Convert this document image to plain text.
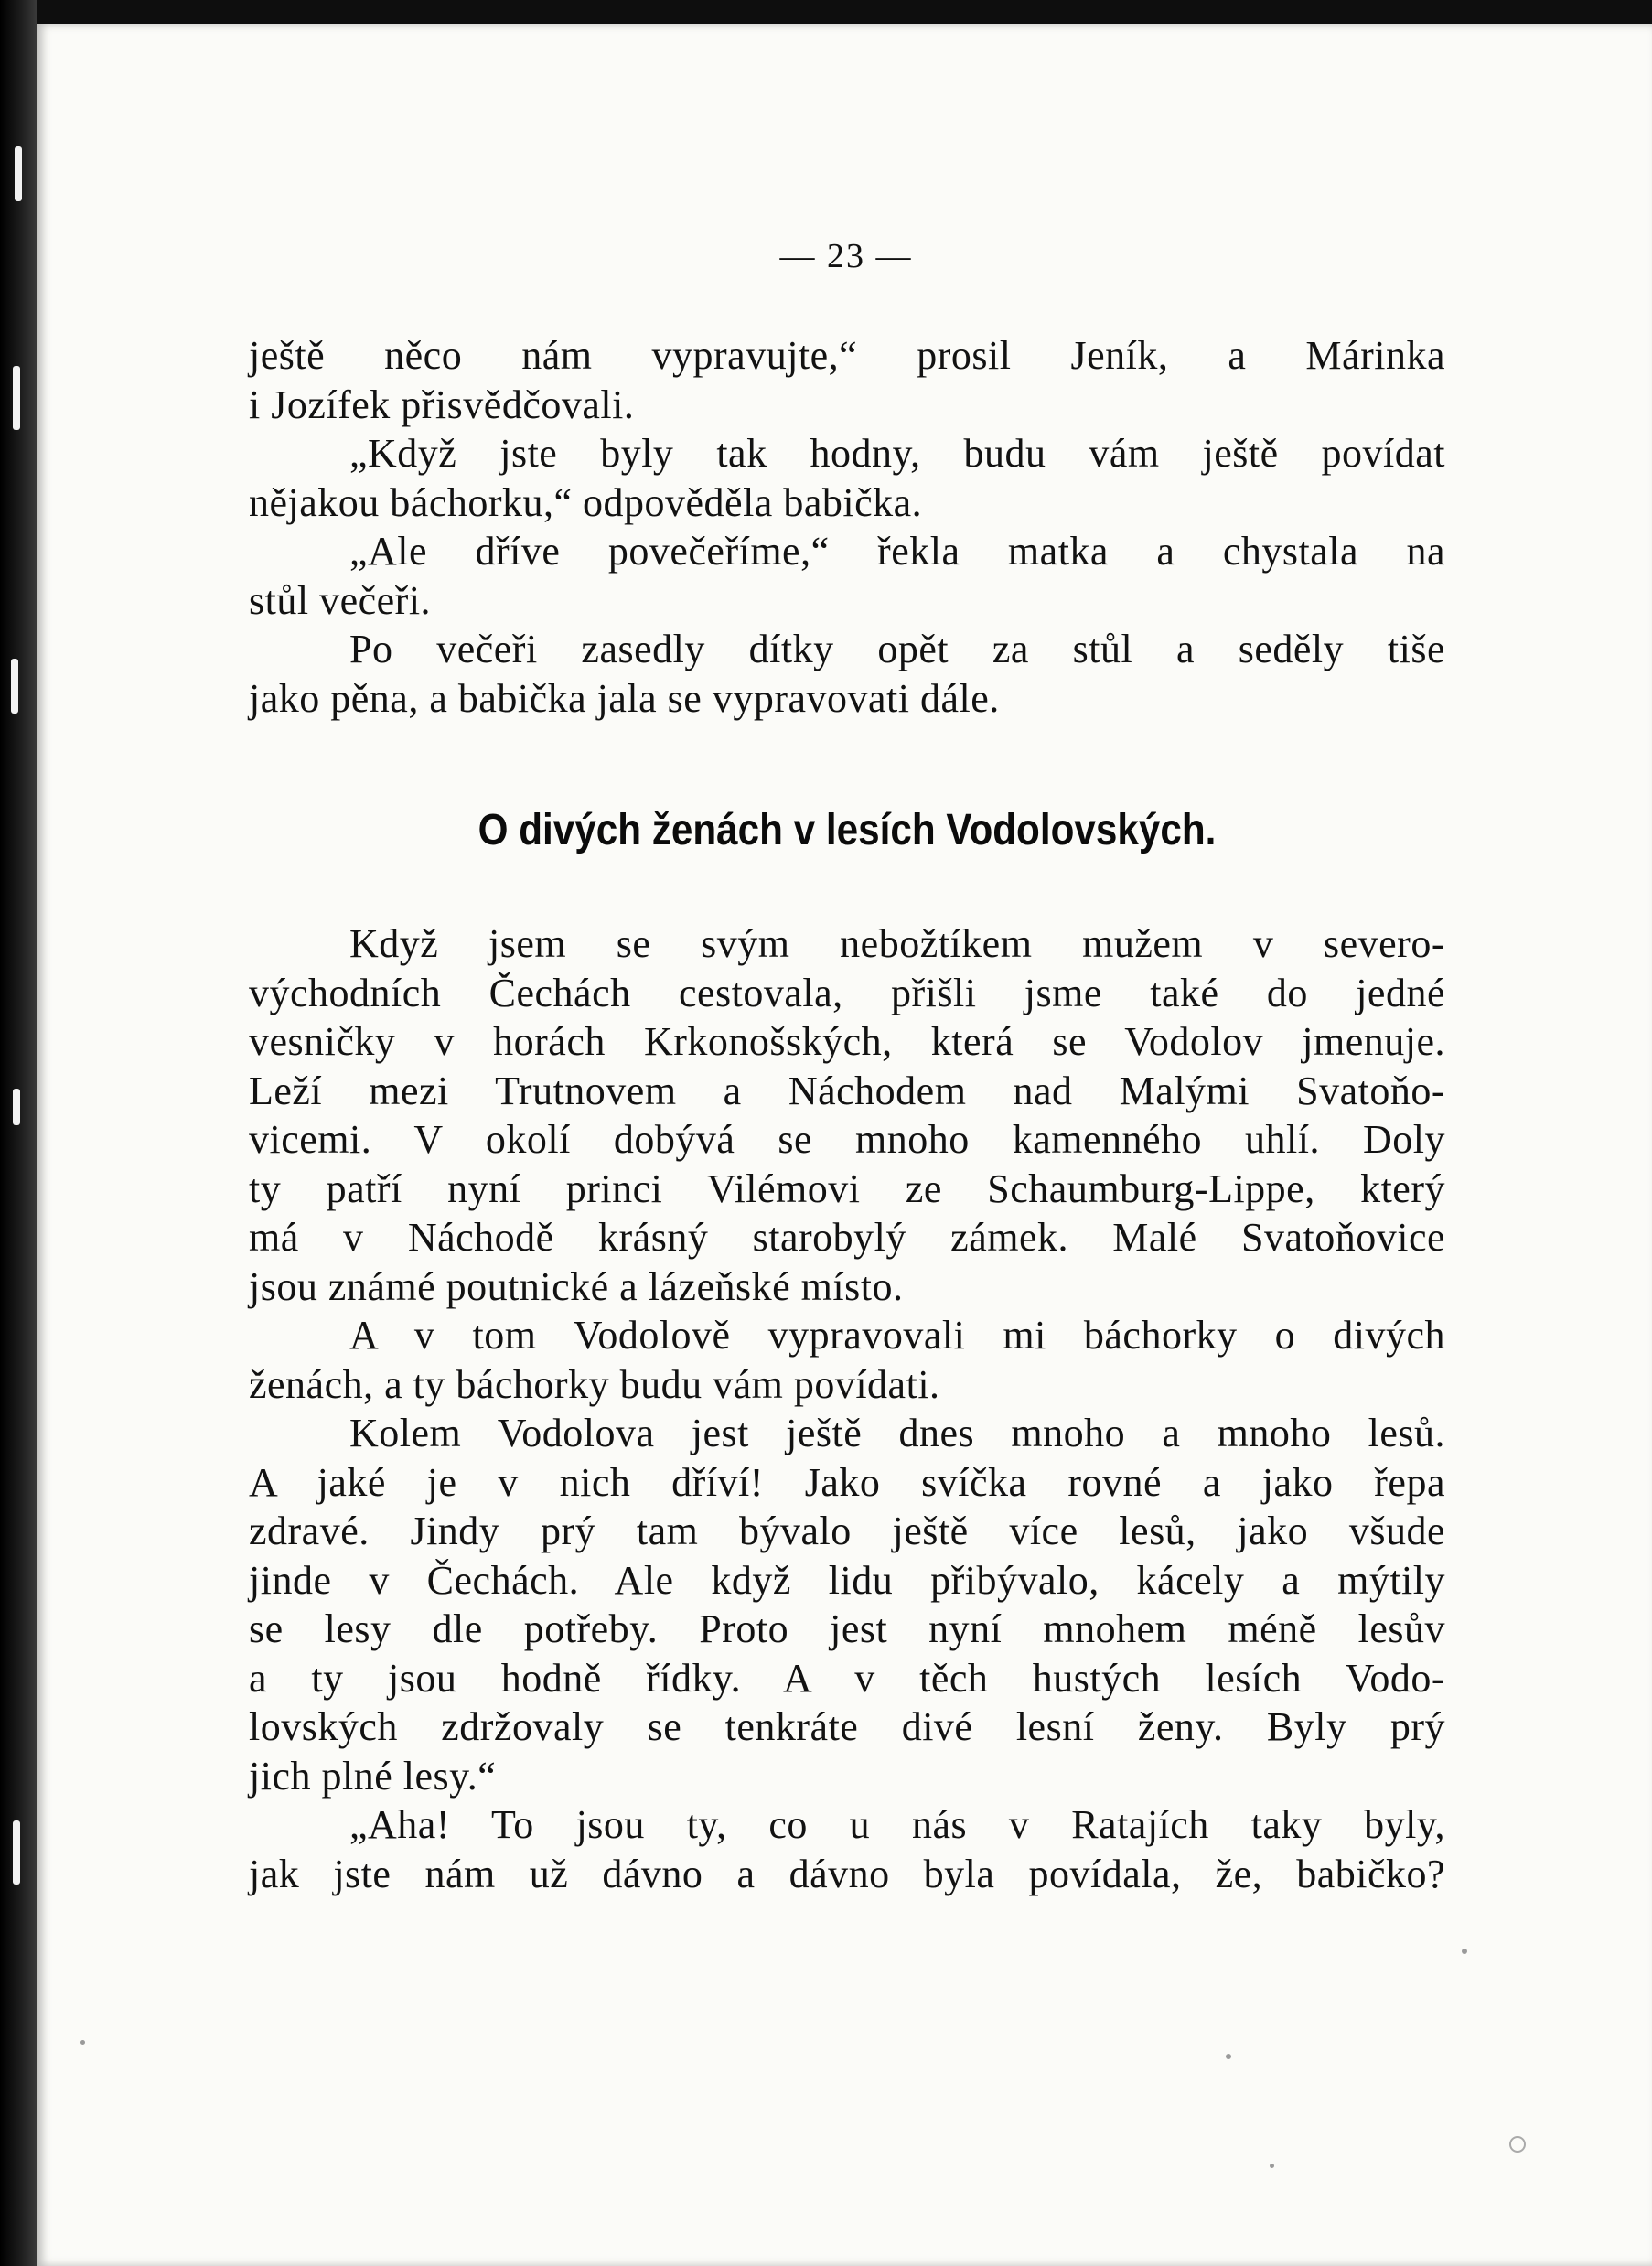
— 23 —
ještě něco nám vypravujte,“ prosil Jeník, a Márinka
i Jozífek přisvědčovali.
„Když jste byly tak hodny, budu vám ještě povídat
nějakou báchorku,“ odpověděla babička.
„Ale dříve povečeříme,“ řekla matka a chystala na
stůl večeři.
Po večeři zasedly dítky opět za stůl a seděly tiše
jako pěna, a babička jala se vypravovati dále.
O divých ženách v lesích Vodolovských.
Když jsem se svým nebožtíkem mužem v severo-
východních Čechách cestovala, přišli jsme také do jedné
vesničky v horách Krkonošských, která se Vodolov jmenuje.
Leží mezi Trutnovem a Náchodem nad Malými Svatoňo-
vicemi. V okolí dobývá se mnoho kamenného uhlí. Doly
ty patří nyní princi Vilémovi ze Schaumburg-Lippe, který
má v Náchodě krásný starobylý zámek. Malé Svatoňovice
jsou známé poutnické a lázeňské místo.
A v tom Vodolově vypravovali mi báchorky o divých
ženách, a ty báchorky budu vám povídati.
Kolem Vodolova jest ještě dnes mnoho a mnoho lesů.
A jaké je v nich dříví! Jako svíčka rovné a jako řepa
zdravé. Jindy prý tam bývalo ještě více lesů, jako všude
jinde v Čechách. Ale když lidu přibývalo, kácely a mýtily
se lesy dle potřeby. Proto jest nyní mnohem méně lesův
a ty jsou hodně řídky. A v těch hustých lesích Vodo-
lovských zdržovaly se tenkráte divé lesní ženy. Byly prý
jich plné lesy.“
„Aha! To jsou ty, co u nás v Ratajích taky byly,
jak jste nám už dávno a dávno byla povídala, že, babičko?
